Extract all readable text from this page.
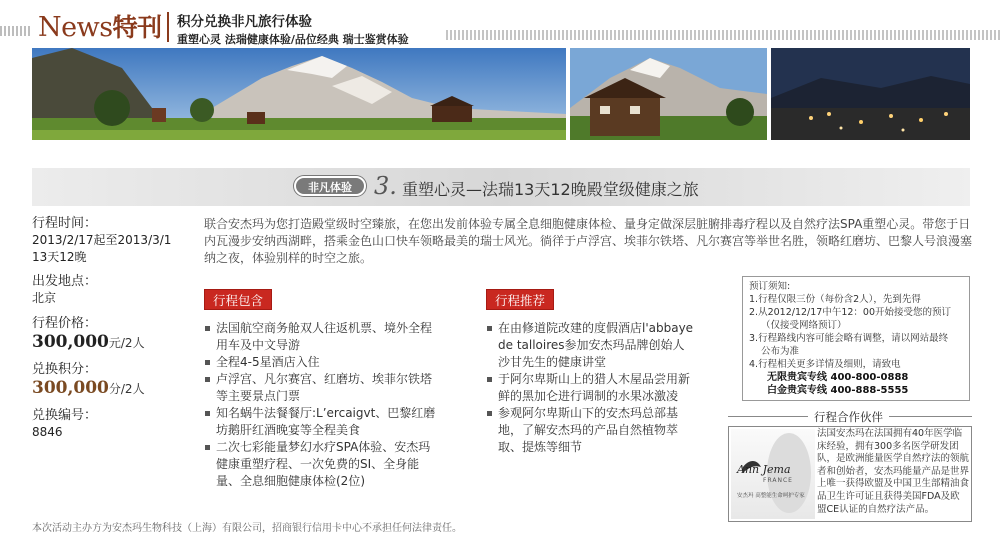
News特刊 积分兑换非凡旅行体验
重塑心灵 法瑞健康体验/品位经典 瑞士鉴赏体验
非凡体验 3. 重塑心灵—法瑞13天12晚殿堂级健康之旅
行程时间：
2013/2/17起至2013/3/1 13天12晚
出发地点：
北京
行程价格：
300,000元/2人
兑换积分：
300,000分/2人
兑换编号：
8846
联合安杰玛为您打造殿堂级时空臻旅，在您出发前体验专属全息细胞健康体检、量身定做深层脏腑排毒疗程以及自然疗法SPA重塑心灵。带您于日内瓦漫步安纳西湖畔，搭乘金色山口快车领略最美的瑞士风光。徜徉于卢浮宫、埃菲尔铁塔、凡尔赛宫等举世名胜，领略红磨坊、巴黎人号浪漫塞纳之夜，体验别样的时空之旅。
行程包含
法国航空商务舱双人往返机票、境外全程用车及中文导游
全程4-5星酒店入住
卢浮宫、凡尔赛宫、红磨坊、埃菲尔铁塔等主要景点门票
知名蜗牛法餐餐厅:L’ercaigvt、巴黎红磨坊鹅肝红酒晚宴等全程美食
二次七彩能量梦幻水疗SPA体验、安杰玛健康重塑疗程、一次免费的SI、全身能量、全息细胞健康体检(2位)
行程推荐
在由修道院改建的度假酒店l'abbaye de talloires参加安杰玛品牌创始人沙甘先生的健康讲堂
于阿尔卑斯山上的猎人木屋品尝用新鲜的黑加仑进行调制的水果冰激凌
参观阿尔卑斯山下的安杰玛总部基地，了解安杰玛的产品自然植物萃取、提炼等细节
预订须知:
1.行程仅限三份（每份含2人），先到先得
2.从2012/12/17中午12：00开始接受您的预订
（仅接受网络预订）
3.行程路线内容可能会略有调整，请以网站最终
公布为准
4.行程相关更多详情及细则，请致电
无限贵宾专线 400-800-0888
白金贵宾专线 400-888-5555
行程合作伙伴
Ann Jema
FRANCE
安杰玛 高整能生命呵护专家
法国安杰玛在法国拥有40年医学临床经验，拥有300多名医学研发团队，是欧洲能量医学自然疗法的领航者和创始者，安杰玛能量产品是世界上唯一获得欧盟及中国卫生部精油食品卫生许可证且获得美国FDA及欧盟CE认证的自然疗法产品。
本次活动主办方为安杰玛生物科技（上海）有限公司，招商银行信用卡中心不承担任何法律责任。
